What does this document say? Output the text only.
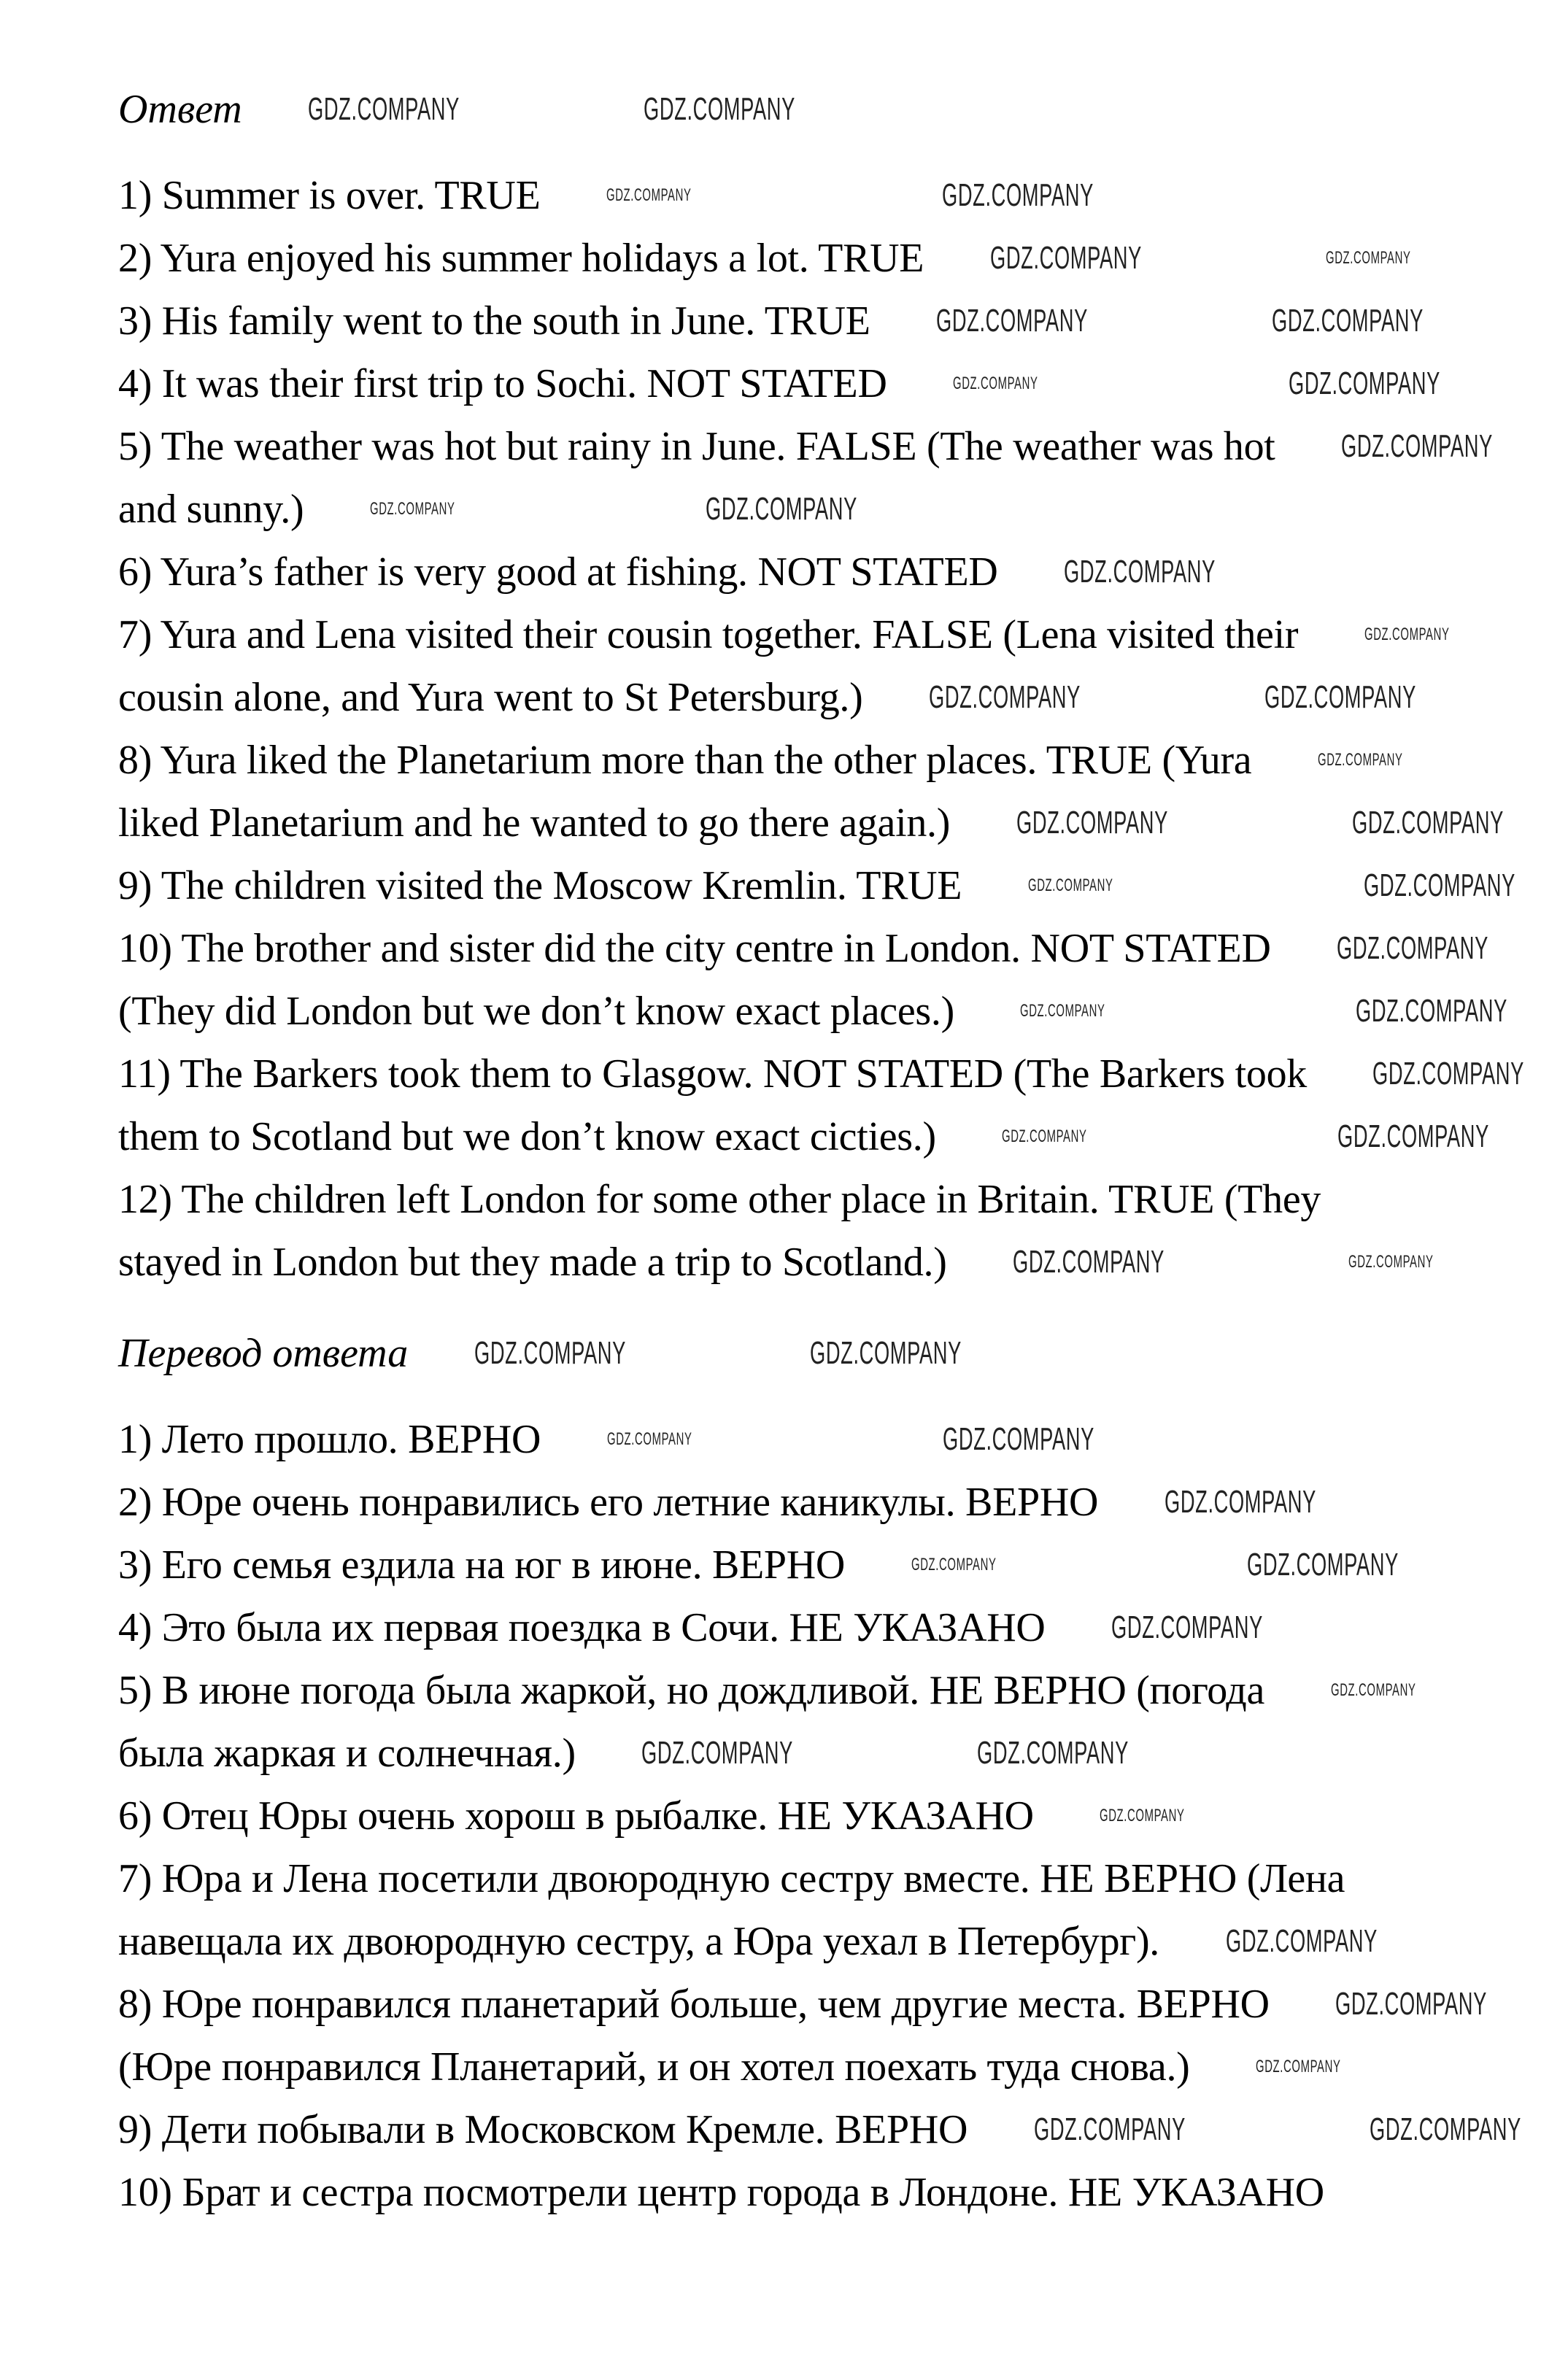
Ответ
1) Summer is over. TRUE
2) Yura enjoyed his summer holidays a lot. TRUE
3) His family went to the south in June. TRUE
4) It was their first trip to Sochi. NOT STATED
5) The weather was hot but rainy in June. FALSE (The weather was hot
and sunny.)
6) Yura’s father is very good at fishing. NOT STATED
7) Yura and Lena visited their cousin together. FALSE (Lena visited their
cousin alone, and Yura went to St Petersburg.)
8) Yura liked the Planetarium more than the other places. TRUE (Yura
liked Planetarium and he wanted to go there again.)
9) The children visited the Moscow Kremlin. TRUE
10) The brother and sister did the city centre in London. NOT STATED
(They did London but we don’t know exact places.)
11) The Barkers took them to Glasgow. NOT STATED (The Barkers took
them to Scotland but we don’t know exact cicties.)
12) The children left London for some other place in Britain. TRUE (They
stayed in London but they made a trip to Scotland.)
Перевод ответа
1) Лето прошло. ВЕРНО
2) Юре очень понравились его летние каникулы. ВЕРНО
3) Его семья ездила на юг в июне. ВЕРНО
4) Это была их первая поездка в Сочи. НЕ УКАЗАНО
5) В июне погода была жаркой, но дождливой. НЕ ВЕРНО (погода
была жаркая и солнечная.)
6) Отец Юры очень хорош в рыбалке. НЕ УКАЗАНО
7) Юра и Лена посетили двоюродную сестру вместе. НЕ ВЕРНО (Лена
навещала их двоюродную сестру, а Юра уехал в Петербург).
8) Юре понравился планетарий больше, чем другие места. ВЕРНО
(Юре понравился Планетарий, и он хотел поехать туда снова.)
9) Дети побывали в Московском Кремле. ВЕРНО
10) Брат и сестра посмотрели центр города в Лондоне. НЕ УКАЗАНО
GDZ.COMPANY	GDZ.COMPANY
GDZ.COMPANY	GDZ.COMPANY
GDZ.COMPANY	GDZ.COMPANY
GDZ.COMPANY	GDZ.COMPANY
GDZ.COMPANY	GDZ.COMPANY
GDZ.COMPANY
GDZ.COMPANY	GDZ.COMPANY
GDZ.COMPANY
GDZ.COMPANY
GDZ.COMPANY	GDZ.COMPANY
GDZ.COMPANY
GDZ.COMPANY	GDZ.COMPANY
GDZ.COMPANY	GDZ.COMPANY
GDZ.COMPANY
GDZ.COMPANY	GDZ.COMPANY
GDZ.COMPANY
GDZ.COMPANY	GDZ.COMPANY
GDZ.COMPANY	GDZ.COMPANY
GDZ.COMPANY	GDZ.COMPANY
GDZ.COMPANY	GDZ.COMPANY
GDZ.COMPANY
GDZ.COMPANY	GDZ.COMPANY
GDZ.COMPANY
GDZ.COMPANY
GDZ.COMPANY	GDZ.COMPANY
GDZ.COMPANY
GDZ.COMPANY
GDZ.COMPANY
GDZ.COMPANY
GDZ.COMPANY	GDZ.COMPANY
